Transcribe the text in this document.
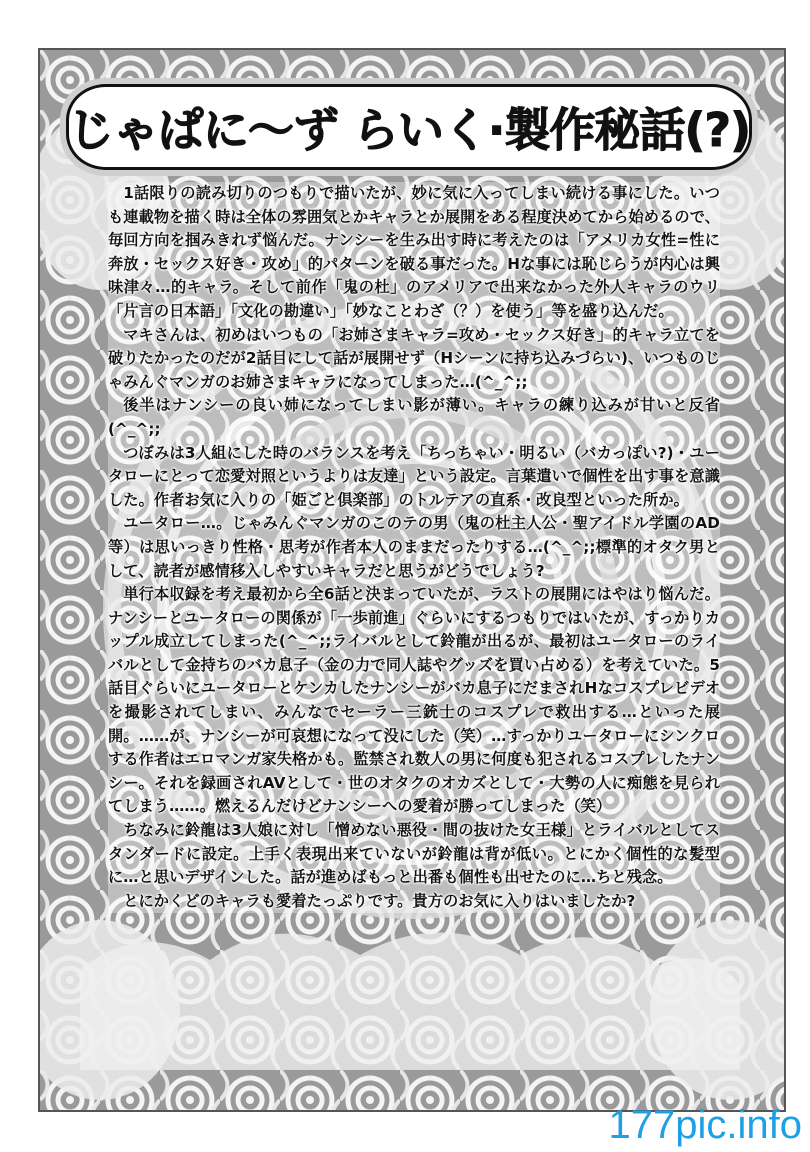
じゃぱに〜ず らいく·製作秘話(?)

1話限りの読み切りのつもりで描いたが、妙に気に入ってしまい続ける事にした。いつも連載物を描く時は全体の雰囲気とかキャラとか展開をある程度決めてから始めるので、毎回方向を掴みきれず悩んだ。ナンシーを生み出す時に考えたのは「アメリカ女性=性に奔放・セックス好き・攻め」的パターンを破る事だった。Hな事には恥じらうが内心は興味津々…的キャラ。そして前作「鬼の杜」のアメリアで出来なかった外人キャラのウリ「片言の日本語」「文化の勘違い」「妙なことわざ（？）を使う」等を盛り込んだ。

マキさんは、初めはいつもの「お姉さまキャラ=攻め・セックス好き」的キャラ立てを破りたかったのだが2話目にして話が展開せず（Hシーンに持ち込みづらい)、いつものじゃみんぐマンガのお姉さまキャラになってしまった…(^_^;;

後半はナンシーの良い姉になってしまい影が薄い。キャラの練り込みが甘いと反省(^_^;;

つぼみは3人組にした時のバランスを考え「ちっちゃい・明るい（バカっぽい?)・ユータローにとって恋愛対照というよりは友達」という設定。言葉遣いで個性を出す事を意識した。作者お気に入りの「姫ごと倶楽部」のトルテアの直系・改良型といった所か。

ユータロー…。じゃみんぐマンガのこのテの男（鬼の杜主人公・聖アイドル学園のAD等）は思いっきり性格・思考が作者本人のままだったりする…(^_^;;標準的オタク男として、読者が感情移入しやすいキャラだと思うがどうでしょう?

単行本収録を考え最初から全6話と決まっていたが、ラストの展開にはやはり悩んだ。ナンシーとユータローの関係が「一歩前進」ぐらいにするつもりではいたが、すっかりカップル成立してしまった(^_^;;ライバルとして鈴龍が出るが、最初はユータローのライバルとして金持ちのバカ息子（金の力で同人誌やグッズを買い占める）を考えていた。5話目ぐらいにユータローとケンカしたナンシーがバカ息子にだまされHなコスプレビデオを撮影されてしまい、みんなでセーラー三銃士のコスプレで救出する…といった展開。……が、ナンシーが可哀想になって没にした（笑）…すっかりユータローにシンクロする作者はエロマンガ家失格かも。監禁され数人の男に何度も犯されるコスプレしたナンシー。それを録画されAVとして・世のオタクのオカズとして・大勢の人に痴態を見られてしまう……。燃えるんだけどナンシーへの愛着が勝ってしまった（笑）

ちなみに鈴龍は3人娘に対し「憎めない悪役・間の抜けた女王様」とライバルとしてスタンダードに設定。上手く表現出来ていないが鈴龍は背が低い。とにかく個性的な髪型に…と思いデザインした。話が進めばもっと出番も個性も出せたのに…ちと残念。

とにかくどのキャラも愛着たっぷりです。貴方のお気に入りはいましたか?

177pic.info
